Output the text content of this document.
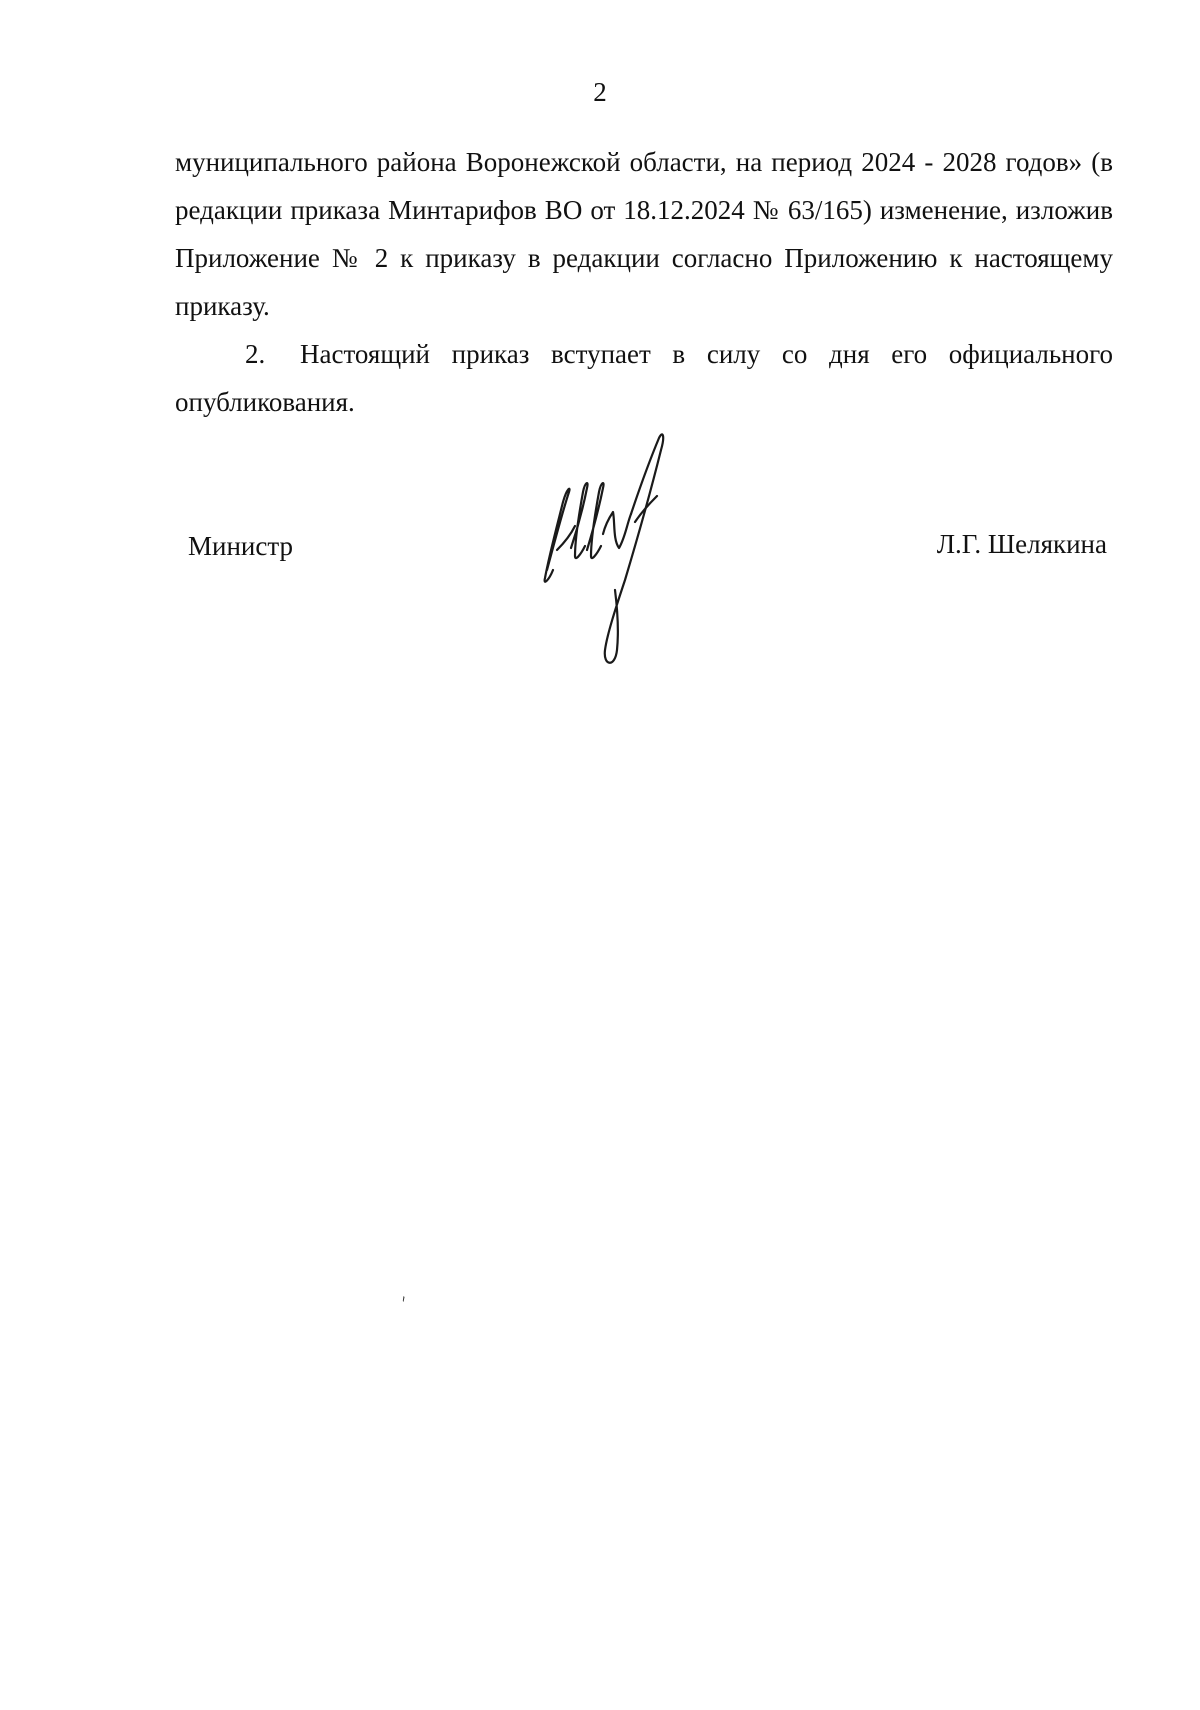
2

муниципального района Воронежской области, на период 2024 - 2028 годов» (в редакции приказа Минтарифов ВО от 18.12.2024 № 63/165) изменение, изложив Приложение № 2 к приказу в редакции согласно Приложению к настоящему приказу.

2. Настоящий приказ вступает в силу со дня его официального опубликования.

Министр	Л.Г. Шелякина
